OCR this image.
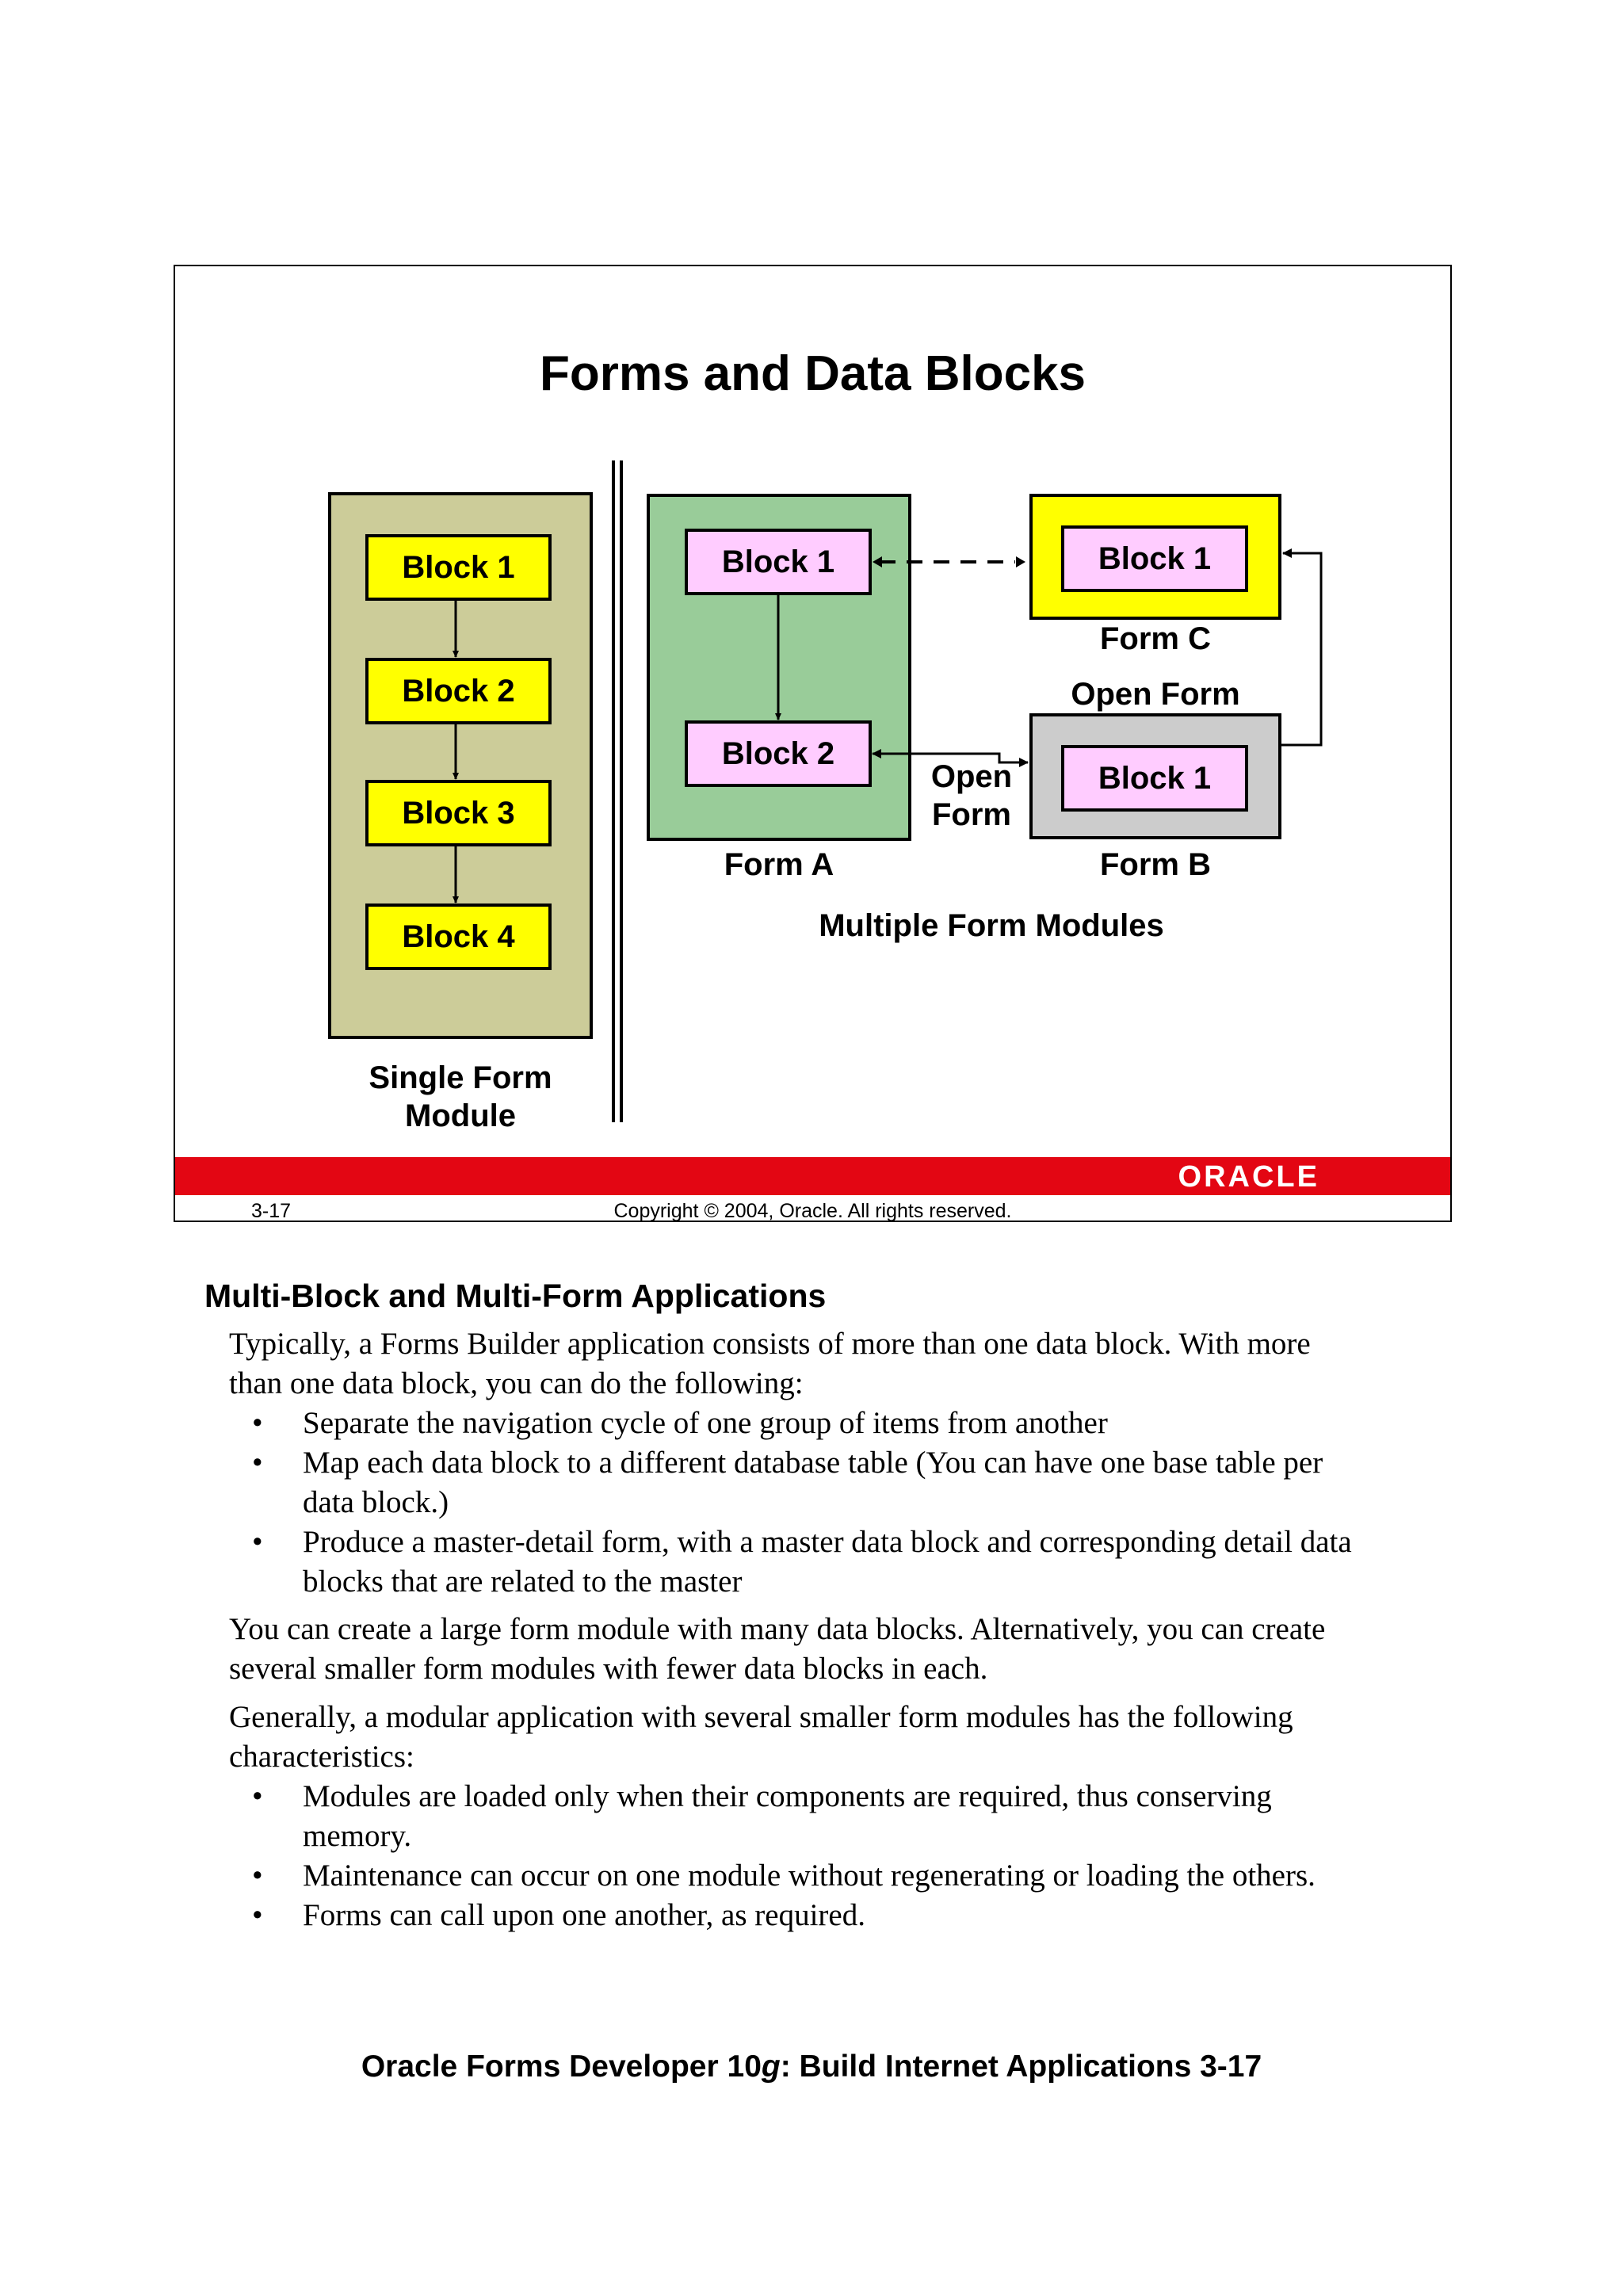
Forms and Data Blocks
Block 1
Block 2
Block 3
Block 4
Single Form
Module
Block 1
Block 2
Form A
Block 1
Form C
Open Form
Block 1
Form B
Open
Form
Multiple Form Modules
ORACLE
Copyright © 2004, Oracle. All rights reserved.
3-17
Multi-Block and Multi-Form Applications
Typically, a Forms Builder application consists of more than one data block. With more
than one data block, you can do the following:
• Separate the navigation cycle of one group of items from another
• Map each data block to a different database table (You can have one base table per
data block.)
• Produce a master-detail form, with a master data block and corresponding detail data
blocks that are related to the master
You can create a large form module with many data blocks. Alternatively, you can create
several smaller form modules with fewer data blocks in each.
Generally, a modular application with several smaller form modules has the following
characteristics:
• Modules are loaded only when their components are required, thus conserving
memory.
• Maintenance can occur on one module without regenerating or loading the others.
• Forms can call upon one another, as required.
Oracle Forms Developer 10g: Build Internet Applications 3-17
